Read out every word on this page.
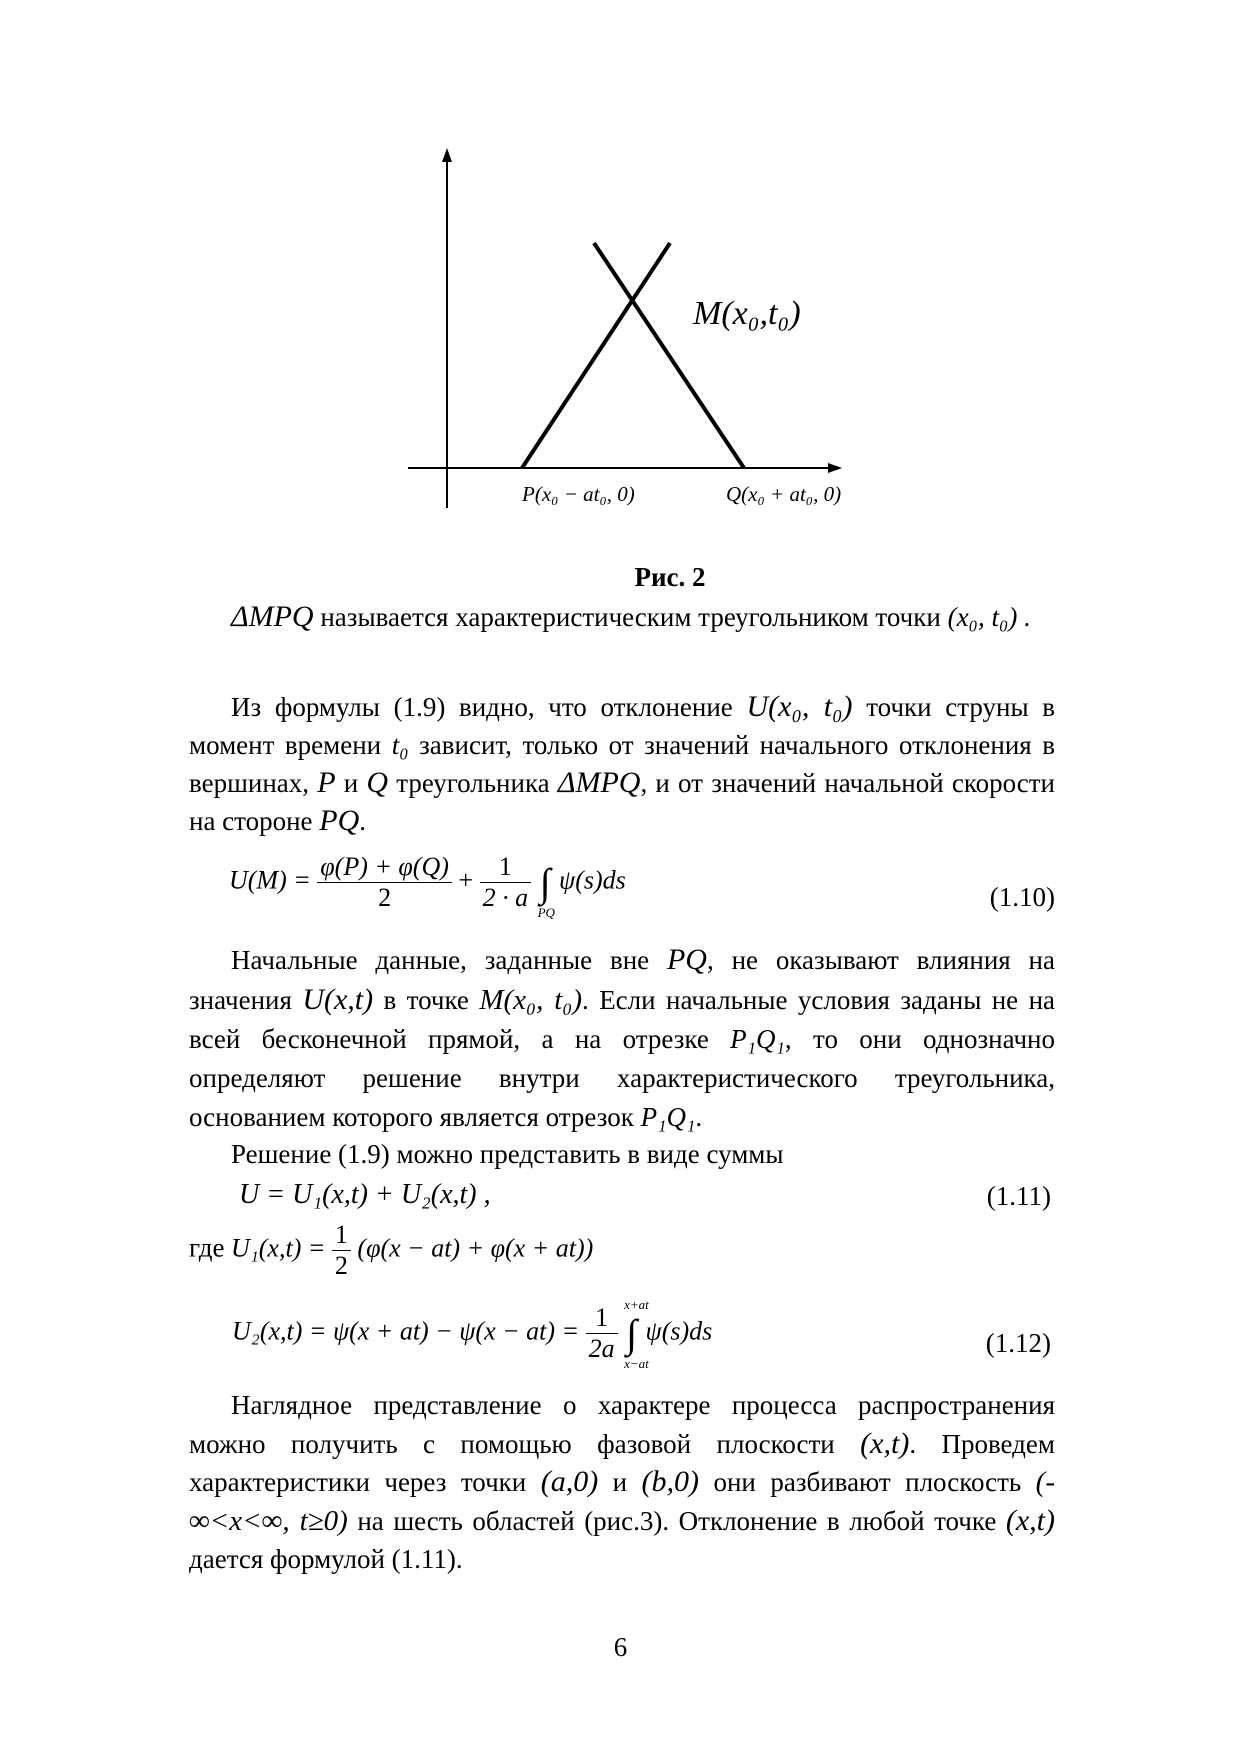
M(x₀,t₀)
P(x₀ − at₀, 0)	Q(x₀ + at₀, 0)
Рис. 2
ΔMPQ называется характеристическим треугольником точки (x₀, t₀) .
Из формулы (1.9) видно, что отклонение U(x₀, t₀) точки струны в момент времени t₀ зависит, только от значений начального отклонения в вершинах, P и Q треугольника ΔMPQ, и от значений начальной скорости на стороне PQ.
$U(M) = \frac{\varphi(P) + \varphi(Q)}{2} + \frac{1}{2 \cdot a}$ ∫
PQ
ψ(s)ds
(1.10)
Начальные данные, заданные вне PQ, не оказывают влияния на значения U(x,t) в точке M(x₀, t₀). Если начальные условия заданы не на всей бесконечной прямой, а на отрезке P₁Q₁, то они однозначно определяют решение внутри характеристического треугольника, основанием которого является отрезок P₁Q₁.
Решение (1.9) можно представить в виде суммы
U = U₁(x,t) + U₂(x,t) ,	(1.11)
где $U_1(x,t) = \frac{1}{2} (\varphi(x - at) + \varphi(x + at))$
$U_2(x,t) = \psi(x + at) - \psi(x - at) = \frac{1}{2a}$ ∫
x+at
x−at
ψ(s)ds	(1.12)
Наглядное представление о характере процесса распространения можно получить с помощью фазовой плоскости (x,t). Проведем характеристики через точки (a,0) и (b,0) они разбивают плоскость (-∞<x<∞, t≥0) на шесть областей (рис.3). Отклонение в любой точке (x,t) дается формулой (1.11).
6
